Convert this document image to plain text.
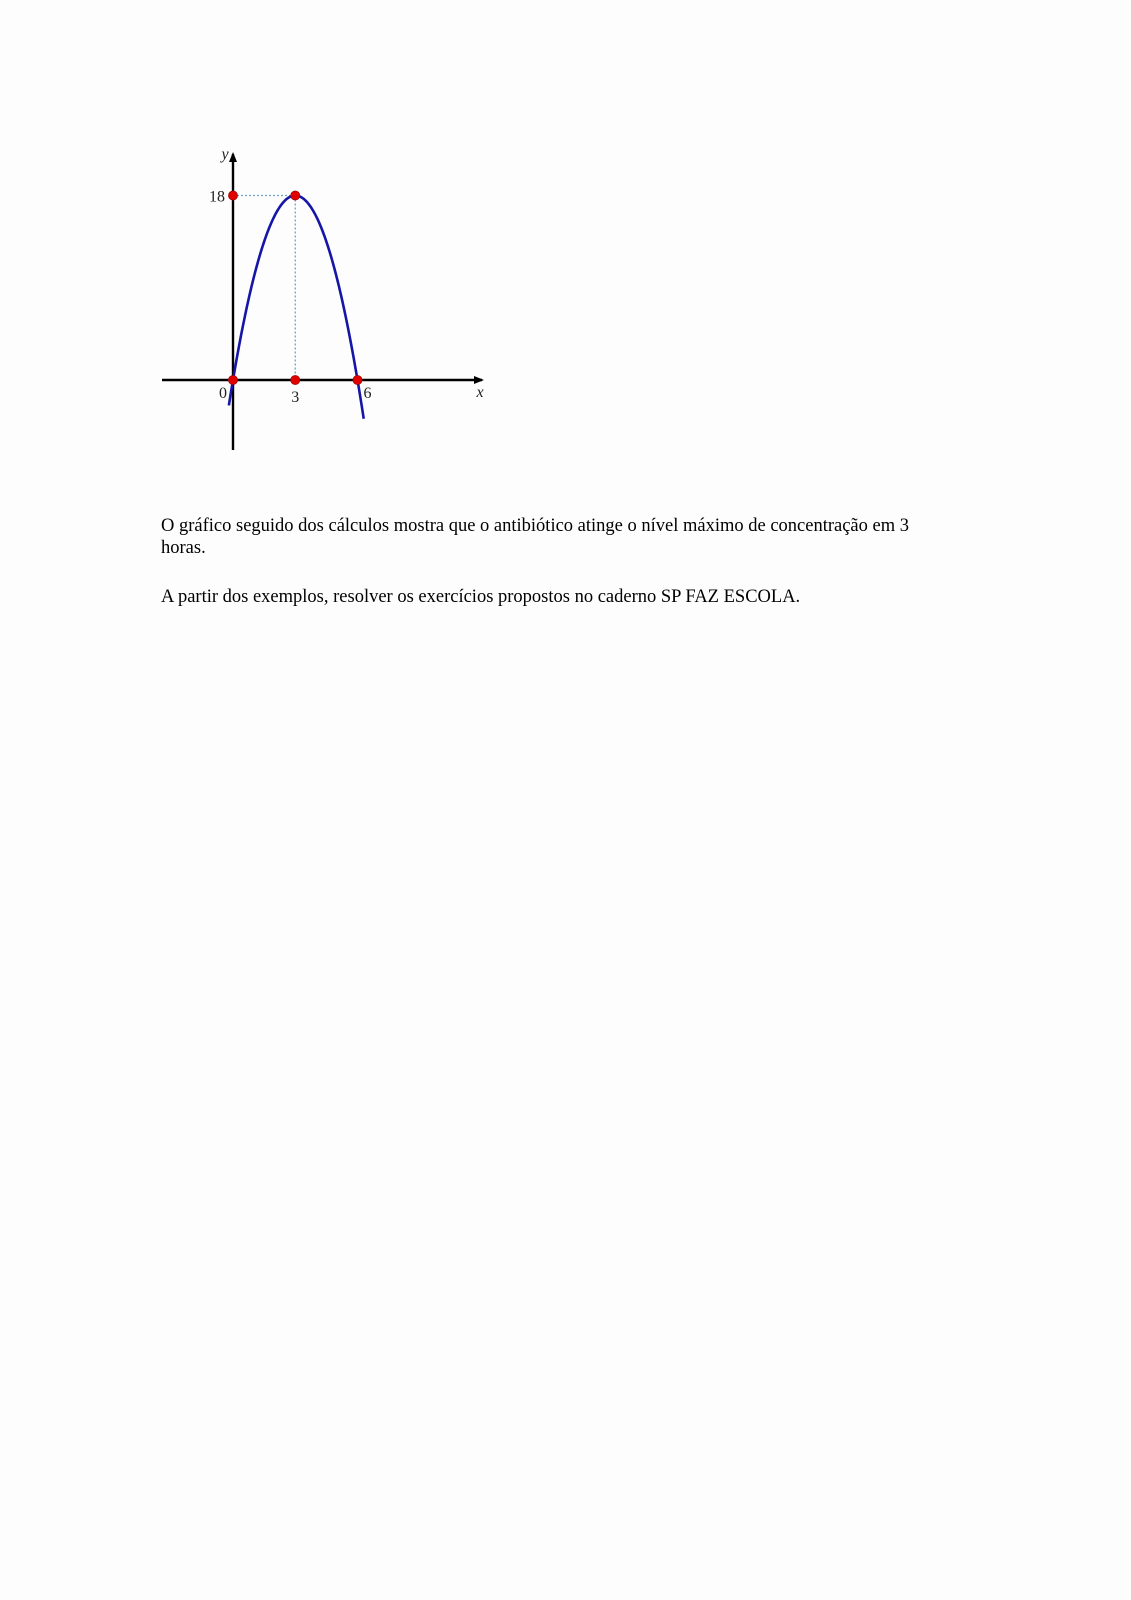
18
0	3	6	x
y

O gráfico seguido dos cálculos mostra que o antibiótico atinge o nível máximo de concentração em 3 horas.

A partir dos exemplos, resolver os exercícios propostos no caderno SP FAZ ESCOLA.
